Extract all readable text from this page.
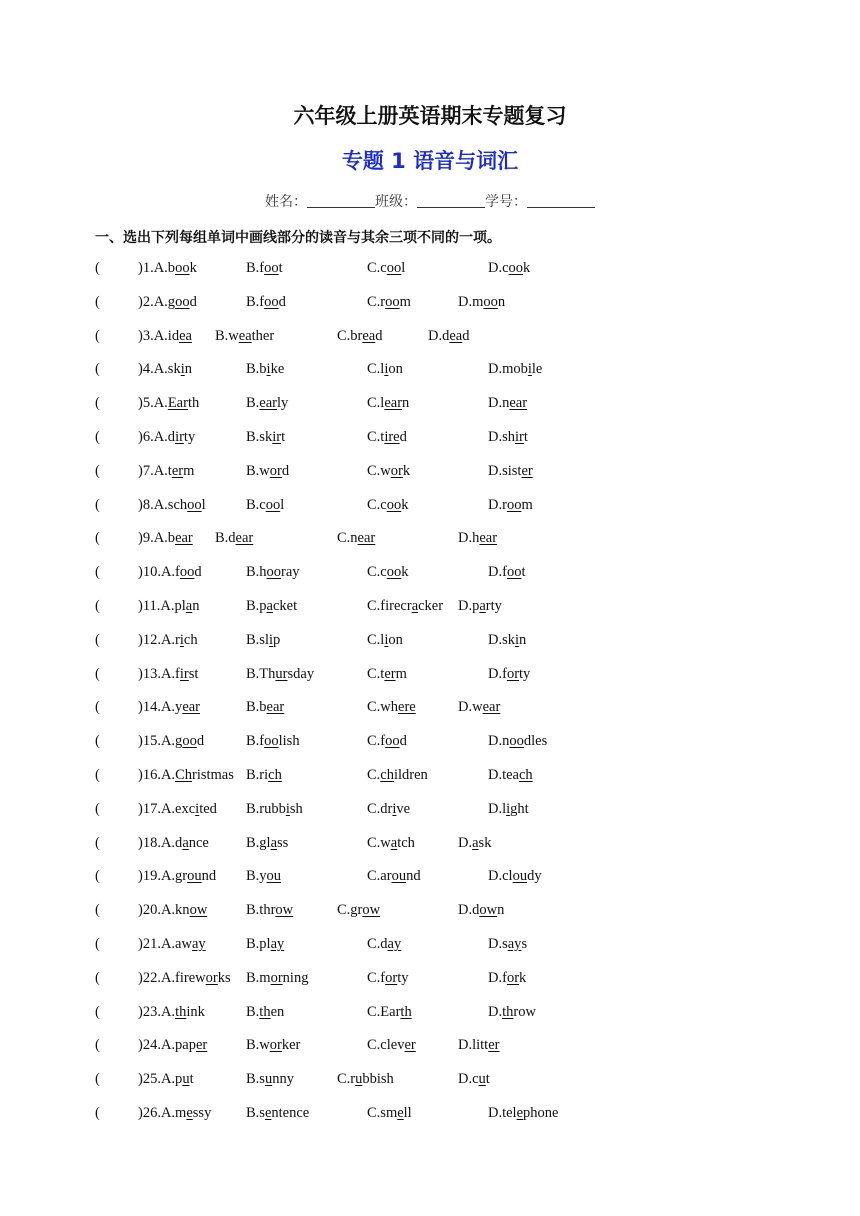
六年级上册英语期末专题复习
专题 1 语音与词汇
姓名：	班级：	学号：
一、选出下列每组单词中画线部分的读音与其余三项不同的一项。
(	)1.A.book	B.foot	C.cool	D.cook
(	)2.A.good	B.food	C.room	D.moon
(	)3.A.idea B.weather	C.bread	D.dead
(	)4.A.skin	B.bike	C.lion	D.mobile
(	)5.A.Earth	B.early	C.learn	D.near
(	)6.A.dirty	B.skirt	C.tired	D.shirt
(	)7.A.term	B.word	C.work	D.sister
(	)8.A.school	B.cool	C.cook	D.room
(	)9.A.bear B.dear	C.near	D.hear
(	)10.A.food	B.hooray	C.cook	D.foot
(	)11.A.plan	B.packet	C.firecracker D.party
(	)12.A.rich	B.slip	C.lion	D.skin
(	)13.A.first	B.Thursday	C.term	D.forty
(	)14.A.year	B.bear	C.where	D.wear
(	)15.A.good	B.foolish	C.food	D.noodles
(	)16.A.Christmas B.rich	C.children	D.teach
(	)17.A.excited B.rubbish	C.drive	D.light
(	)18.A.dance	B.glass	C.watch	D.ask
(	)19.A.ground B.you	C.around	D.cloudy
(	)20.A.know	B.throw	C.grow	D.down
(	)21.A.away	B.play	C.day	D.says
(	)22.A.fireworks B.morning	C.forty	D.fork
(	)23.A.think	B.then	C.Earth	D.throw
(	)24.A.paper	B.worker	C.clever	D.litter
(	)25.A.put	B.sunny	C.rubbish	D.cut
(	)26.A.messy B.sentence	C.smell	D.telephone
